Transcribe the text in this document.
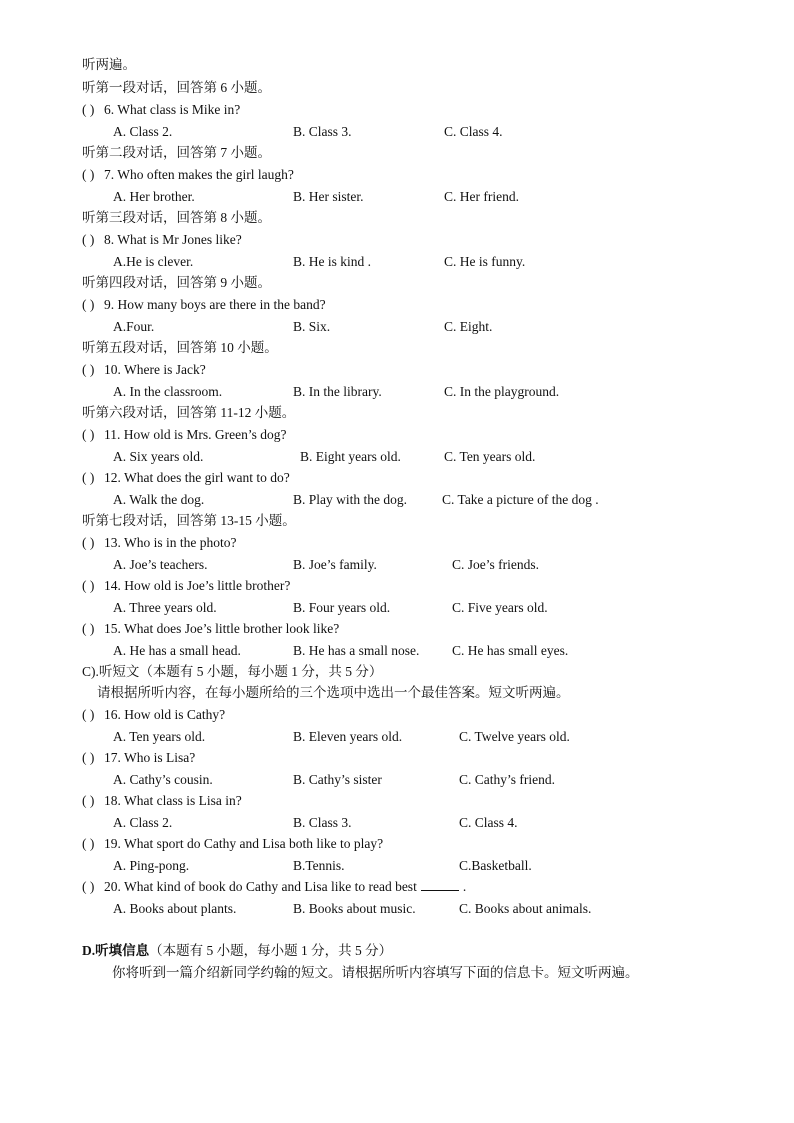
听两遍。
听第一段对话，回答第 6 小题。
( ) 6. What class is Mike in?
A. Class 2.	B. Class 3.	C. Class 4.
听第二段对话，回答第 7 小题。
( ) 7. Who often makes the girl laugh?
A. Her brother.	B. Her sister.	C. Her friend.
听第三段对话，回答第 8 小题。
( ) 8. What is Mr Jones like?
A.He is clever.	B. He is kind .	C. He is funny.
听第四段对话，回答第 9 小题。
( ) 9. How many boys are there in the band?
A.Four.	B. Six.	C. Eight.
听第五段对话，回答第 10 小题。
( ) 10. Where is Jack?
A. In the classroom.	B. In the library.	C. In the playground.
听第六段对话，回答第 11-12 小题。
( ) 11. How old is Mrs. Green’s dog?
A. Six years old.	B. Eight years old.	C. Ten years old.
( ) 12. What does the girl want to do?
A. Walk the dog.	B. Play with the dog.	C. Take a picture of the dog .
听第七段对话，回答第 13-15 小题。
( ) 13. Who is in the photo?
A. Joe’s teachers.	B. Joe’s family.	C. Joe’s friends.
( ) 14. How old is Joe’s little brother?
A. Three years old.	B. Four years old.	C. Five years old.
( ) 15. What does Joe’s little brother look like?
A. He has a small head.	B. He has a small nose. C. He has small eyes.
C).听短文（本题有 5 小题，每小题 1 分，共 5 分）
请根据所听内容，在每小题所给的三个选项中选出一个最佳答案。短文听两遍。
( ) 16. How old is Cathy?
A. Ten years old.	B. Eleven years old.	C. Twelve years old.
( ) 17. Who is Lisa?
A. Cathy’s cousin.	B. Cathy’s sister	C. Cathy’s friend.
( ) 18. What class is Lisa in?
A. Class 2.	B. Class 3.	C. Class 4.
( ) 19. What sport do Cathy and Lisa both like to play?
A. Ping-pong.	B.Tennis.	C.Basketball.
( ) 20. What kind of book do Cathy and Lisa like to read best	.
A. Books about plants.	B. Books about music.	C. Books about animals.
D.听填信息（本题有 5 小题，每小题 1 分，共 5 分）
你将听到一篇介绍新同学约翰的短文。请根据所听内容填写下面的信息卡。短文听两遍。
